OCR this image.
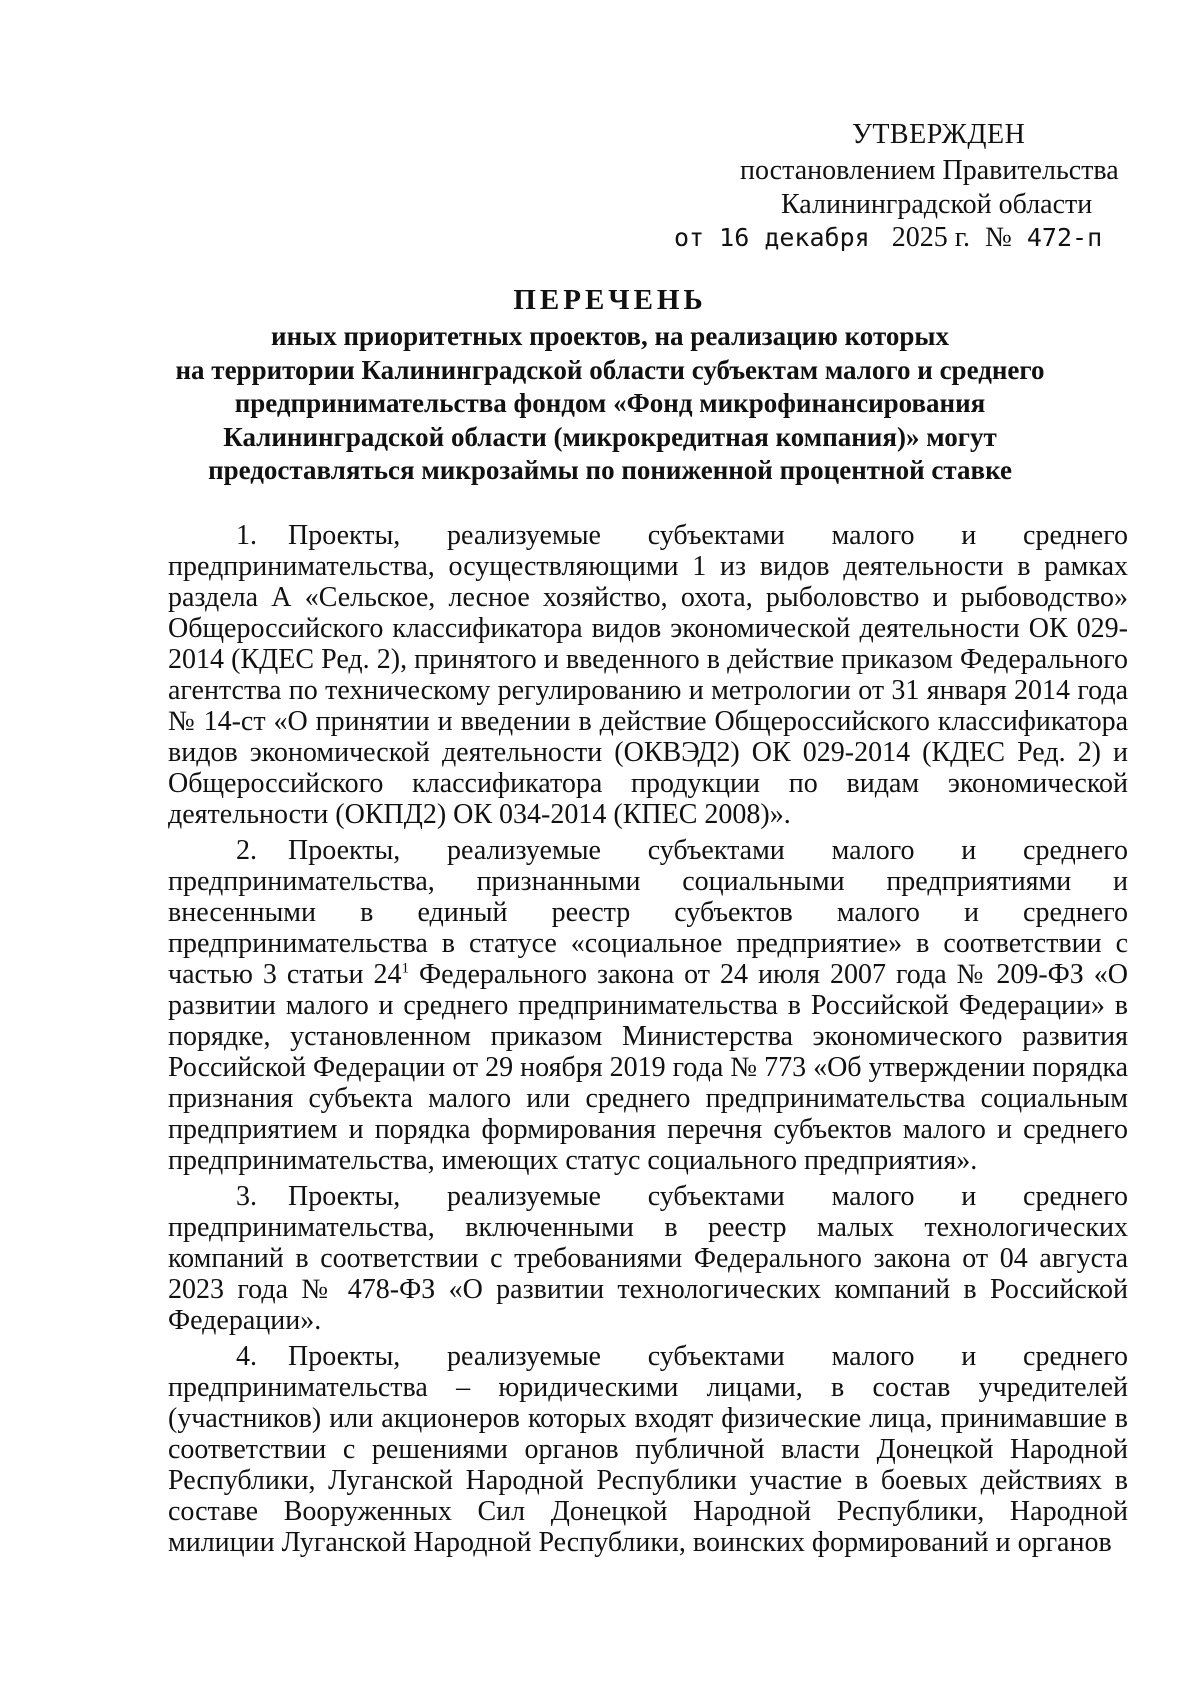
УТВЕРЖДЕН
постановлением Правительства
Калининградской области
от 16 декабря 2025 г. № 472-п
ПЕРЕЧЕНЬ
иных приоритетных проектов, на реализацию которых
на территории Калининградской области субъектам малого и среднего
предпринимательства фондом «Фонд микрофинансирования
Калининградской области (микрокредитная компания)» могут
предоставляться микрозаймы по пониженной процентной ставке

1. Проекты, реализуемые субъектами малого и среднего предпринимательства, осуществляющими 1 из видов деятельности в рамках раздела А «Сельское, лесное хозяйство, охота, рыболовство и рыбоводство» Общероссийского классификатора видов экономической деятельности ОК 029-2014 (КДЕС Ред. 2), принятого и введенного в действие приказом Федерального агентства по техническому регулированию и метрологии от 31 января 2014 года № 14-ст «О принятии и введении в действие Общероссийского классификатора видов экономической деятельности (ОКВЭД2) ОК 029-2014 (КДЕС Ред. 2) и Общероссийского классификатора продукции по видам экономической деятельности (ОКПД2) ОК 034-2014 (КПЕС 2008)».

2. Проекты, реализуемые субъектами малого и среднего предпринимательства, признанными социальными предприятиями и внесенными в единый реестр субъектов малого и среднего предпринимательства в статусе «социальное предприятие» в соответствии с частью 3 статьи $24^1$ Федерального закона от 24 июля 2007 года № 209-ФЗ «О развитии малого и среднего предпринимательства в Российской Федерации» в порядке, установленном приказом Министерства экономического развития Российской Федерации от 29 ноября 2019 года № 773 «Об утверждении порядка признания субъекта малого или среднего предпринимательства социальным предприятием и порядка формирования перечня субъектов малого и среднего предпринимательства, имеющих статус социального предприятия».

3. Проекты, реализуемые субъектами малого и среднего предпринимательства, включенными в реестр малых технологических компаний в соответствии с требованиями Федерального закона от 04 августа 2023 года № 478-ФЗ «О развитии технологических компаний в Российской Федерации».

4. Проекты, реализуемые субъектами малого и среднего предпринимательства – юридическими лицами, в состав учредителей (участников) или акционеров которых входят физические лица, принимавшие в соответствии с решениями органов публичной власти Донецкой Народной Республики, Луганской Народной Республики участие в боевых действиях в составе Вооруженных Сил Донецкой Народной Республики, Народной милиции Луганской Народной Республики, воинских формирований и органов
